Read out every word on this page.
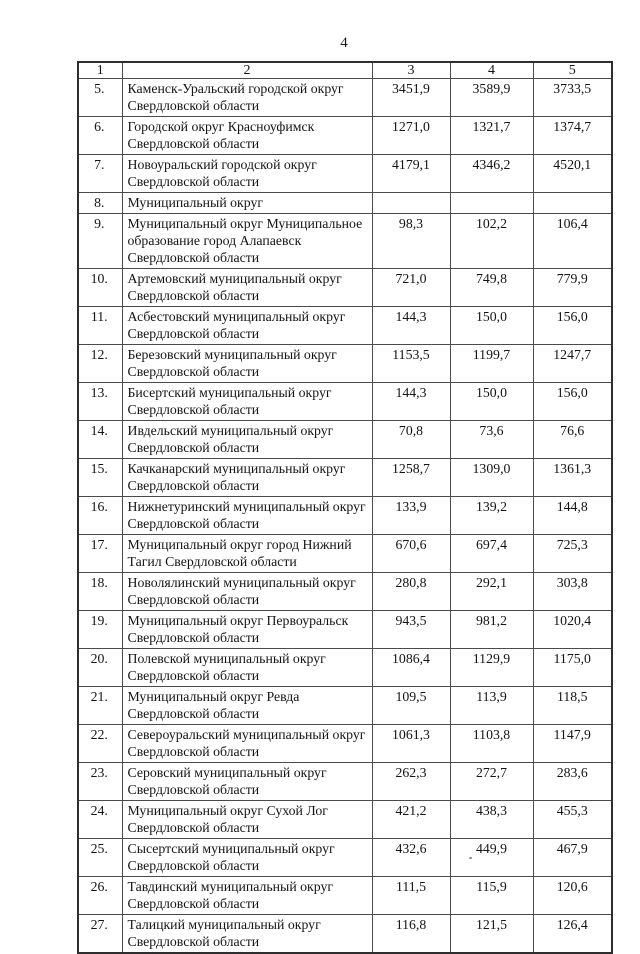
4
1	2	3	4	5
5.	Каменск-Уральский городской округ Свердловской области	3451,9	3589,9	3733,5
6.	Городской округ Красноуфимск Свердловской области	1271,0	1321,7	1374,7
7.	Новоуральский городской округ Свердловской области	4179,1	4346,2	4520,1
8.	Муниципальный округ			
9.	Муниципальный округ Муниципальное образование город Алапаевск Свердловской области	98,3	102,2	106,4
10.	Артемовский муниципальный округ Свердловской области	721,0	749,8	779,9
11.	Асбестовский муниципальный округ Свердловской области	144,3	150,0	156,0
12.	Березовский муниципальный округ Свердловской области	1153,5	1199,7	1247,7
13.	Бисертский муниципальный округ Свердловской области	144,3	150,0	156,0
14.	Ивдельский муниципальный округ Свердловской области	70,8	73,6	76,6
15.	Качканарский муниципальный округ Свердловской области	1258,7	1309,0	1361,3
16.	Нижнетуринский муниципальный округ Свердловской области	133,9	139,2	144,8
17.	Муниципальный округ город Нижний Тагил Свердловской области	670,6	697,4	725,3
18.	Новолялинский муниципальный округ Свердловской области	280,8	292,1	303,8
19.	Муниципальный округ Первоуральск Свердловской области	943,5	981,2	1020,4
20.	Полевской муниципальный округ Свердловской области	1086,4	1129,9	1175,0
21.	Муниципальный округ Ревда Свердловской области	109,5	113,9	118,5
22.	Североуральский муниципальный округ Свердловской области	1061,3	1103,8	1147,9
23.	Серовский муниципальный округ Свердловской области	262,3	272,7	283,6
24.	Муниципальный округ Сухой Лог Свердловской области	421,2	438,3	455,3
25.	Сысертский муниципальный округ Свердловской области	432,6	449,9	467,9
26.	Тавдинский муниципальный округ Свердловской области	111,5	115,9	120,6
27.	Талицкий муниципальный округ Свердловской области	116,8	121,5	126,4
